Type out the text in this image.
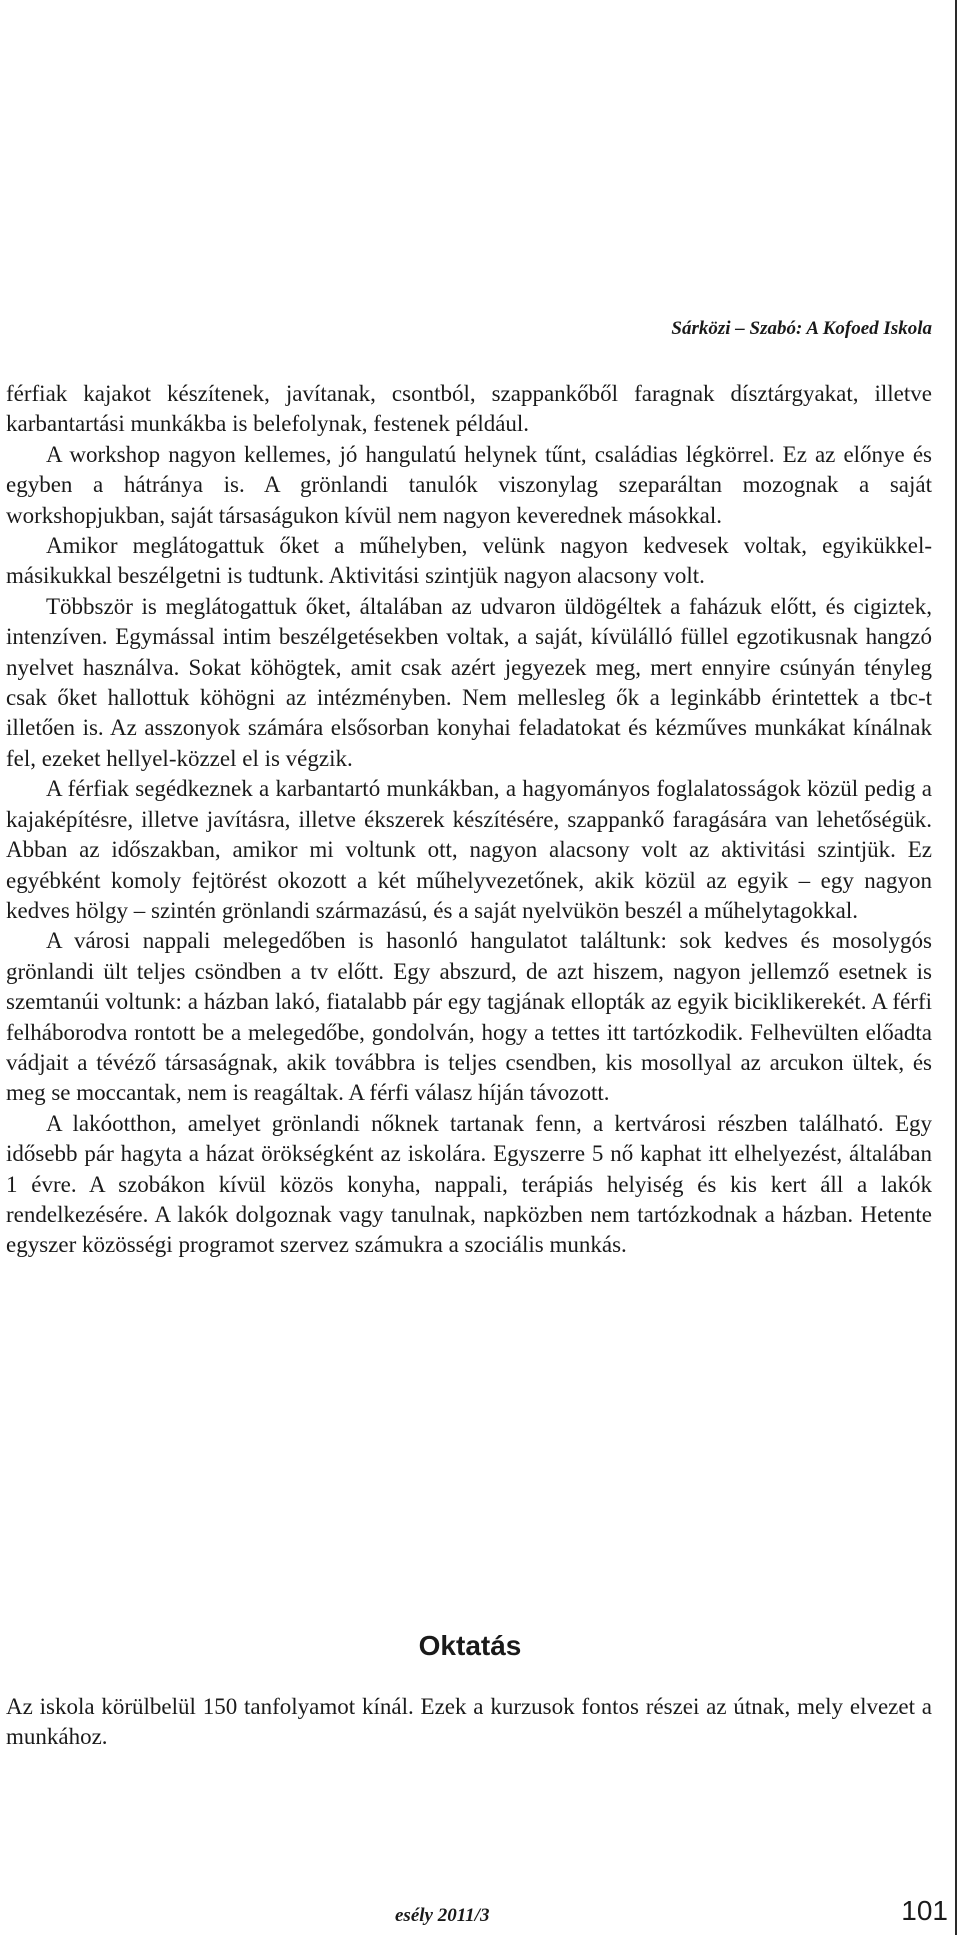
Sárközi – Szabó: A Kofoed Iskola

férfiak kajakot készítenek, javítanak, csontból, szappankőből faragnak dísztárgyakat, illetve karbantartási munkákba is belefolynak, festenek például.

A workshop nagyon kellemes, jó hangulatú helynek tűnt, családias légkörrel. Ez az előnye és egyben a hátránya is. A grönlandi tanulók viszonylag szeparáltan mozognak a saját workshopjukban, saját társaságukon kívül nem nagyon keverednek másokkal.

Amikor meglátogattuk őket a műhelyben, velünk nagyon kedvesek voltak, egyikükkel-másikukkal beszélgetni is tudtunk. Aktivitási szintjük nagyon alacsony volt.

Többször is meglátogattuk őket, általában az udvaron üldögéltek a faházuk előtt, és cigiztek, intenzíven. Egymással intim beszélgetésekben voltak, a saját, kívülálló füllel egzotikusnak hangzó nyelvet használva. Sokat köhögtek, amit csak azért jegyezek meg, mert ennyire csúnyán tényleg csak őket hallottuk köhögni az intézményben. Nem mellesleg ők a leginkább érintettek a tbc-t illetően is. Az asszonyok számára elsősorban konyhai feladatokat és kézműves munkákat kínálnak fel, ezeket hellyel-közzel el is végzik.

A férfiak segédkeznek a karbantartó munkákban, a hagyományos foglalatosságok közül pedig a kajaképítésre, illetve javításra, illetve ékszerek készítésére, szappankő faragására van lehetőségük. Abban az időszakban, amikor mi voltunk ott, nagyon alacsony volt az aktivitási szintjük. Ez egyébként komoly fejtörést okozott a két műhelyvezetőnek, akik közül az egyik – egy nagyon kedves hölgy – szintén grönlandi származású, és a saját nyelvükön beszél a műhelytagokkal.

A városi nappali melegedőben is hasonló hangulatot találtunk: sok kedves és mosolygós grönlandi ült teljes csöndben a tv előtt. Egy abszurd, de azt hiszem, nagyon jellemző esetnek is szemtanúi voltunk: a házban lakó, fiatalabb pár egy tagjának ellopták az egyik biciklikerekét. A férfi felháborodva rontott be a melegedőbe, gondolván, hogy a tettes itt tartózkodik. Felhevülten előadta vádjait a tévéző társaságnak, akik továbbra is teljes csendben, kis mosollyal az arcukon ültek, és meg se moccantak, nem is reagáltak. A férfi válasz híján távozott.

A lakóotthon, amelyet grönlandi nőknek tartanak fenn, a kertvárosi részben található. Egy idősebb pár hagyta a házat örökségként az iskolára. Egyszerre 5 nő kaphat itt elhelyezést, általában 1 évre. A szobákon kívül közös konyha, nappali, terápiás helyiség és kis kert áll a lakók rendelkezésére. A lakók dolgoznak vagy tanulnak, napközben nem tartózkodnak a házban. Hetente egyszer közösségi programot szervez számukra a szociális munkás.

Oktatás

Az iskola körülbelül 150 tanfolyamot kínál. Ezek a kurzusok fontos részei az útnak, mely elvezet a munkához.

esély 2011/3	101
